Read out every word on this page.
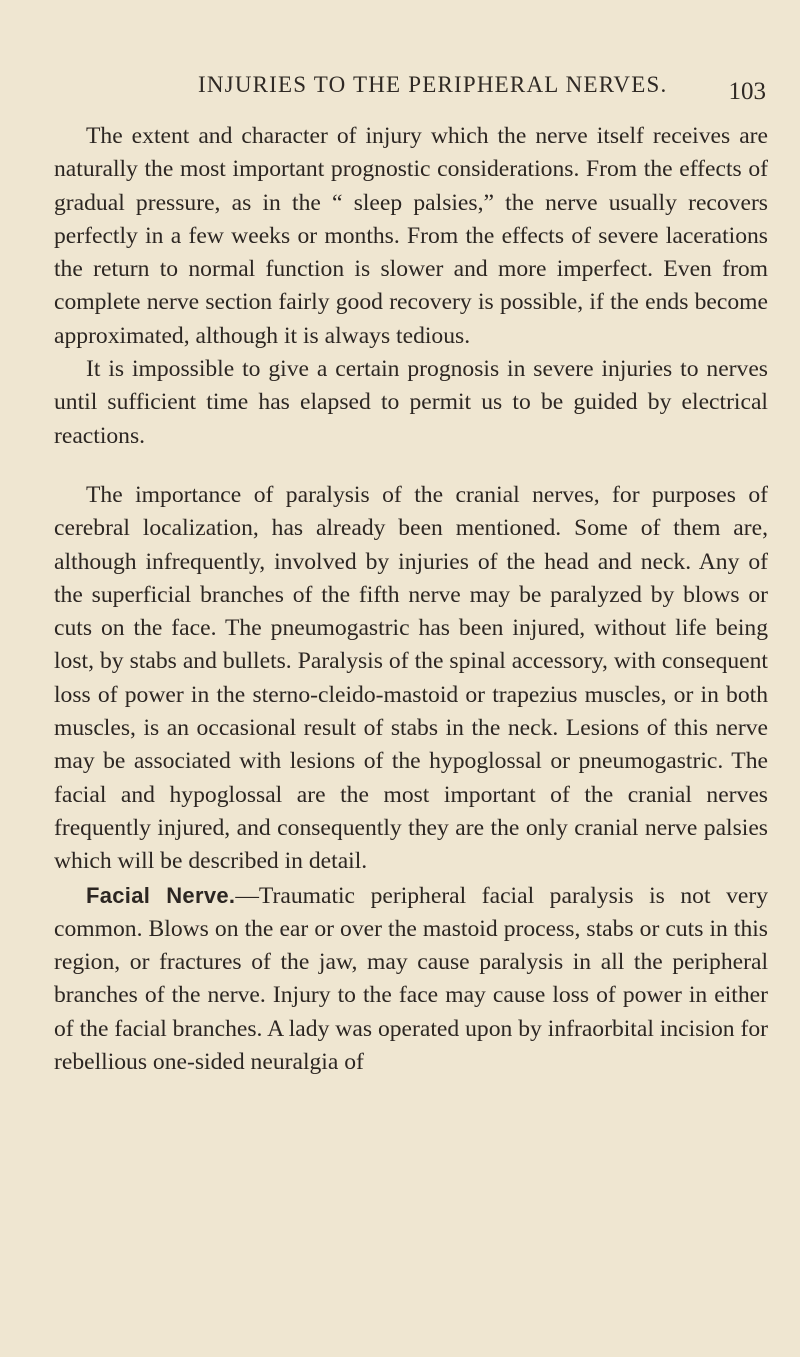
INJURIES TO THE PERIPHERAL NERVES. 103

The extent and character of injury which the nerve itself receives are naturally the most important prognostic considerations. From the effects of gradual pressure, as in the “ sleep palsies,” the nerve usually recovers perfectly in a few weeks or months. From the effects of severe lacerations the return to normal function is slower and more imperfect. Even from complete nerve section fairly good recovery is possible, if the ends become approximated, although it is always tedious.

It is impossible to give a certain prognosis in severe injuries to nerves until sufficient time has elapsed to permit us to be guided by electrical reactions.

The importance of paralysis of the cranial nerves, for purposes of cerebral localization, has already been mentioned. Some of them are, although infrequently, involved by injuries of the head and neck. Any of the superficial branches of the fifth nerve may be paralyzed by blows or cuts on the face. The pneumogastric has been injured, without life being lost, by stabs and bullets. Paralysis of the spinal accessory, with consequent loss of power in the sterno-cleido-mastoid or trapezius muscles, or in both muscles, is an occasional result of stabs in the neck. Lesions of this nerve may be associated with lesions of the hypoglossal or pneumogastric. The facial and hypoglossal are the most important of the cranial nerves frequently injured, and consequently they are the only cranial nerve palsies which will be described in detail.

Facial Nerve.—Traumatic peripheral facial paralysis is not very common. Blows on the ear or over the mastoid process, stabs or cuts in this region, or fractures of the jaw, may cause paralysis in all the peripheral branches of the nerve. Injury to the face may cause loss of power in either of the facial branches. A lady was operated upon by infraorbital incision for rebellious one-sided neuralgia of
